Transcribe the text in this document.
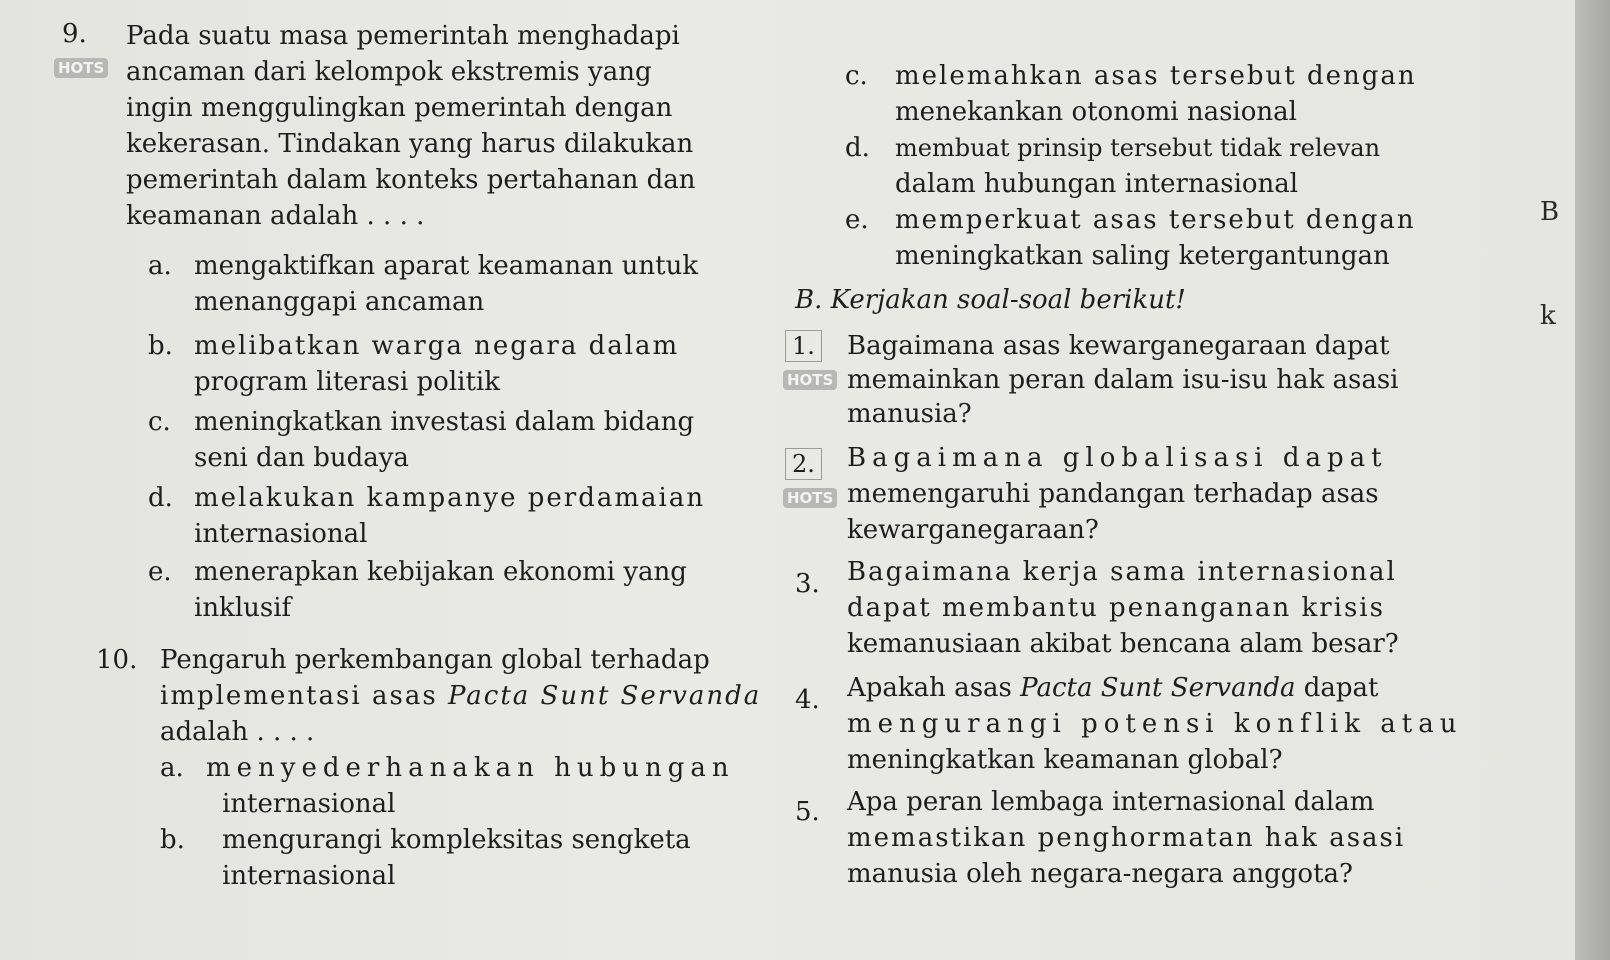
9.
HOTS
Pada suatu masa pemerintah menghadapi
ancaman dari kelompok ekstremis yang
ingin menggulingkan pemerintah dengan
kekerasan. Tindakan yang harus dilakukan
pemerintah dalam konteks pertahanan dan
keamanan adalah . . . .
a. mengaktifkan aparat keamanan untuk
menanggapi ancaman
b. melibatkan warga negara dalam
program literasi politik
c. meningkatkan investasi dalam bidang
seni dan budaya
d. melakukan kampanye perdamaian
internasional
e. menerapkan kebijakan ekonomi yang
inklusif
10. Pengaruh perkembangan global terhadap
implementasi asas Pacta Sunt Servanda
adalah . . . .
a. menyederhanakan hubungan
internasional
b. mengurangi kompleksitas sengketa
internasional
c. melemahkan asas tersebut dengan
menekankan otonomi nasional
d. membuat prinsip tersebut tidak relevan
dalam hubungan internasional
e. memperkuat asas tersebut dengan
meningkatkan saling ketergantungan
B. Kerjakan soal-soal berikut!
1.
HOTS
Bagaimana asas kewarganegaraan dapat
memainkan peran dalam isu-isu hak asasi
manusia?
2.
HOTS
Bagaimana globalisasi dapat
memengaruhi pandangan terhadap asas
kewarganegaraan?
3. Bagaimana kerja sama internasional
dapat membantu penanganan krisis
kemanusiaan akibat bencana alam besar?
4. Apakah asas Pacta Sunt Servanda dapat
mengurangi potensi konflik atau
meningkatkan keamanan global?
5. Apa peran lembaga internasional dalam
memastikan penghormatan hak asasi
manusia oleh negara-negara anggota?
B
k
